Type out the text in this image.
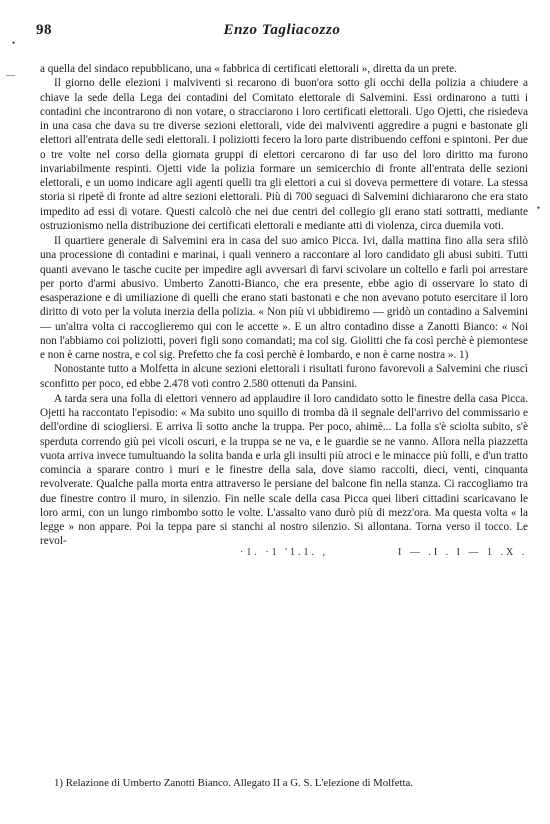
•
—
•
98	Enzo Tagliacozzo

a quella del sindaco repubblicano, una « fabbrica di certificati elettorali », diretta da un prete.

Il giorno delle elezioni i malviventi si recarono di buon'ora sotto gli occhi della polizia a chiudere a chiave la sede della Lega dei contadini del Comitato elettorale di Salvemini. Essi ordinarono a tutti i contadini che incontrarono di non votare, o stracciarono i loro certificati elettorali. Ugo Ojetti, che risiedeva in una casa che dava su tre diverse sezioni elettorali, vide dei malviventi aggredire a pugni e bastonate gli elettori all'entrata delle sedi elettorali. I poliziotti fecero la loro parte distribuendo ceffoni e spintoni. Per due o tre volte nel corso della giornata gruppi di elettori cercarono di far uso del loro diritto ma furono invariabilmente respinti. Ojetti vide la polizia formare un semicerchio di fronte all'entrata delle sezioni elettorali, e un uomo indicare agli agenti quelli tra gli elettori a cui si doveva permettere di votare. La stessa storia si ripetè di fronte ad altre sezioni elettorali. Più di 700 seguaci di Salvemini dichiararono che era stato impedito ad essi di votare. Questi calcolò che nei due centri del collegio gli erano stati sottratti, mediante ostruzionismo nella distribuzione dei certificati elettorali e mediante atti di violenza, circa duemila voti.

Il quartiere generale di Salvemini era in casa del suo amico Picca. Ivi, dalla mattina fino alla sera sfilò una processione di contadini e marinai, i quali vennero a raccontare al loro candidato gli abusi subiti. Tutti quanti avevano le tasche cucite per impedire agli avversari di farvi scivolare un coltello e farli poi arrestare per porto d'armi abusivo. Umberto Zanotti-Bianco, che era presente, ebbe agio di osservare lo stato di esasperazione e di umiliazione di quelli che erano stati bastonati e che non avevano potuto esercitare il loro diritto di voto per la voluta inerzia della polizia. « Non più vi ubbidiremo — gridò un contadino a Salvemini — un'altra volta ci raccoglieremo qui con le accette ». E un altro contadino disse a Zanotti Bianco: « Noi non l'abbiamo coi poliziotti, poveri figli sono comandati; ma col sig. Giolitti che fa così perchè è piemontese e non è carne nostra, e col sig. Prefetto che fa così perchè è lombardo, e non è carne nostra ». 1)

Nonostante tutto a Molfetta in alcune sezioni elettorali i risultati furono favorevoli a Salvemini che riuscì sconfitto per poco, ed ebbe 2.478 voti contro 2.580 ottenuti da Pansini.

A tarda sera una folla di elettori vennero ad applaudire il loro candidato sotto le finestre della casa Picca. Ojetti ha raccontato l'episodio: « Ma subito uno squillo di tromba dà il segnale dell'arrivo del commissario e dell'ordine di sciogliersi. E arriva lì sotto anche la truppa. Per poco, ahimè... La folla s'è sciolta subito, s'è sperduta correndo giù pei vicoli oscuri, e la truppa se ne va, e le guardie se ne vanno. Allora nella piazzetta vuota arriva invece tumultuando la solita banda e urla gli insulti più atroci e le minacce più folli, e d'un tratto comincia a sparare contro i muri e le finestre della sala, dove siamo raccolti, dieci, venti, cinquanta revolverate. Qualche palla morta entra attraverso le persiane del balcone fin nella stanza. Ci raccogliamo tra due finestre contro il muro, in silenzio. Fin nelle scale della casa Picca quei liberi cittadini scaricavano le loro armi, con un lungo rimbombo sotto le volte. L'assalto vano durò più di mezz'ora. Ma questa volta « la legge » non appare. Poi la teppa pare si stanchi al nostro silenzio. Si allontana. Torna verso il tocco. Le revol-

·1. ·1 '1.1. ,	I — .I . I — 1 .X .
1) Relazione di Umberto Zanotti Bianco. Allegato II a G. S. L'elezione di Molfetta.
